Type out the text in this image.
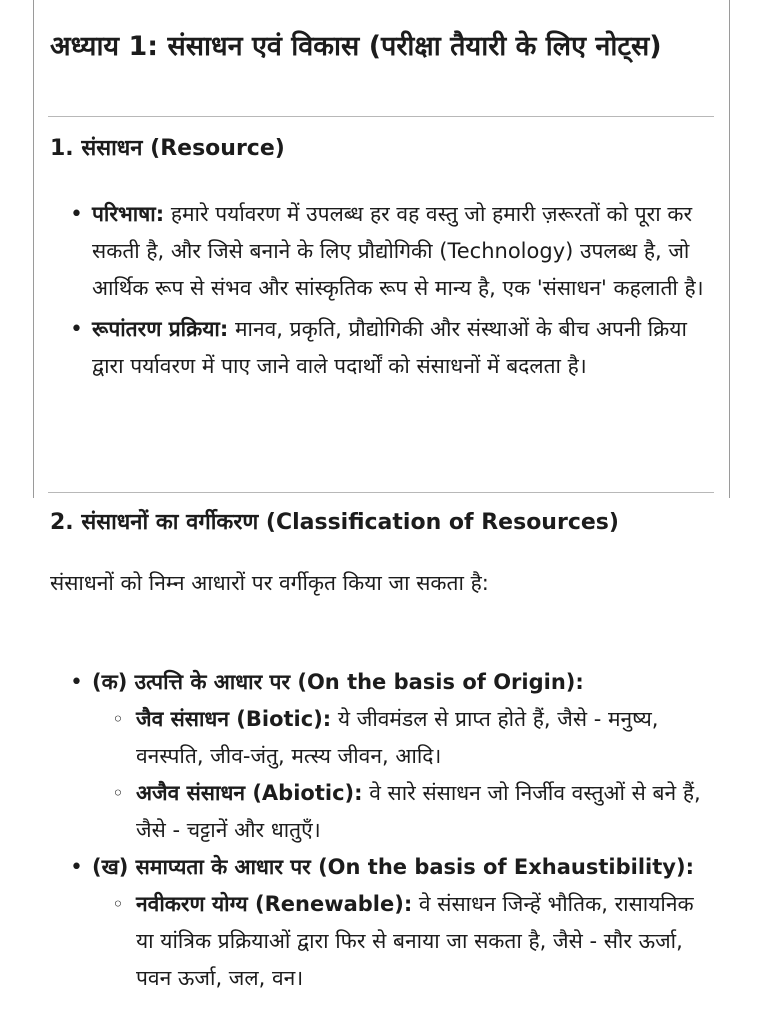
अध्याय 1: संसाधन एवं विकास (परीक्षा तैयारी के लिए नोट्स)
1. संसाधन (Resource)
• परिभाषा: हमारे पर्यावरण में उपलब्ध हर वह वस्तु जो हमारी ज़रूरतों को पूरा कर सकती है, और जिसे बनाने के लिए प्रौद्योगिकी (Technology) उपलब्ध है, जो आर्थिक रूप से संभव और सांस्कृतिक रूप से मान्य है, एक 'संसाधन' कहलाती है।
• रूपांतरण प्रक्रिया: मानव, प्रकृति, प्रौद्योगिकी और संस्थाओं के बीच अपनी क्रिया द्वारा पर्यावरण में पाए जाने वाले पदार्थों को संसाधनों में बदलता है।
2. संसाधनों का वर्गीकरण (Classification of Resources)

संसाधनों को निम्न आधारों पर वर्गीकृत किया जा सकता है:

• (क) उत्पत्ति के आधार पर (On the basis of Origin):
◦ जैव संसाधन (Biotic): ये जीवमंडल से प्राप्त होते हैं, जैसे - मनुष्य, वनस्पति, जीव-जंतु, मत्स्य जीवन, आदि।
◦ अजैव संसाधन (Abiotic): वे सारे संसाधन जो निर्जीव वस्तुओं से बने हैं, जैसे - चट्टानें और धातुएँ।
• (ख) समाप्यता के आधार पर (On the basis of Exhaustibility):
◦ नवीकरण योग्य (Renewable): वे संसाधन जिन्हें भौतिक, रासायनिक या यांत्रिक प्रक्रियाओं द्वारा फिर से बनाया जा सकता है, जैसे - सौर ऊर्जा, पवन ऊर्जा, जल, वन।
